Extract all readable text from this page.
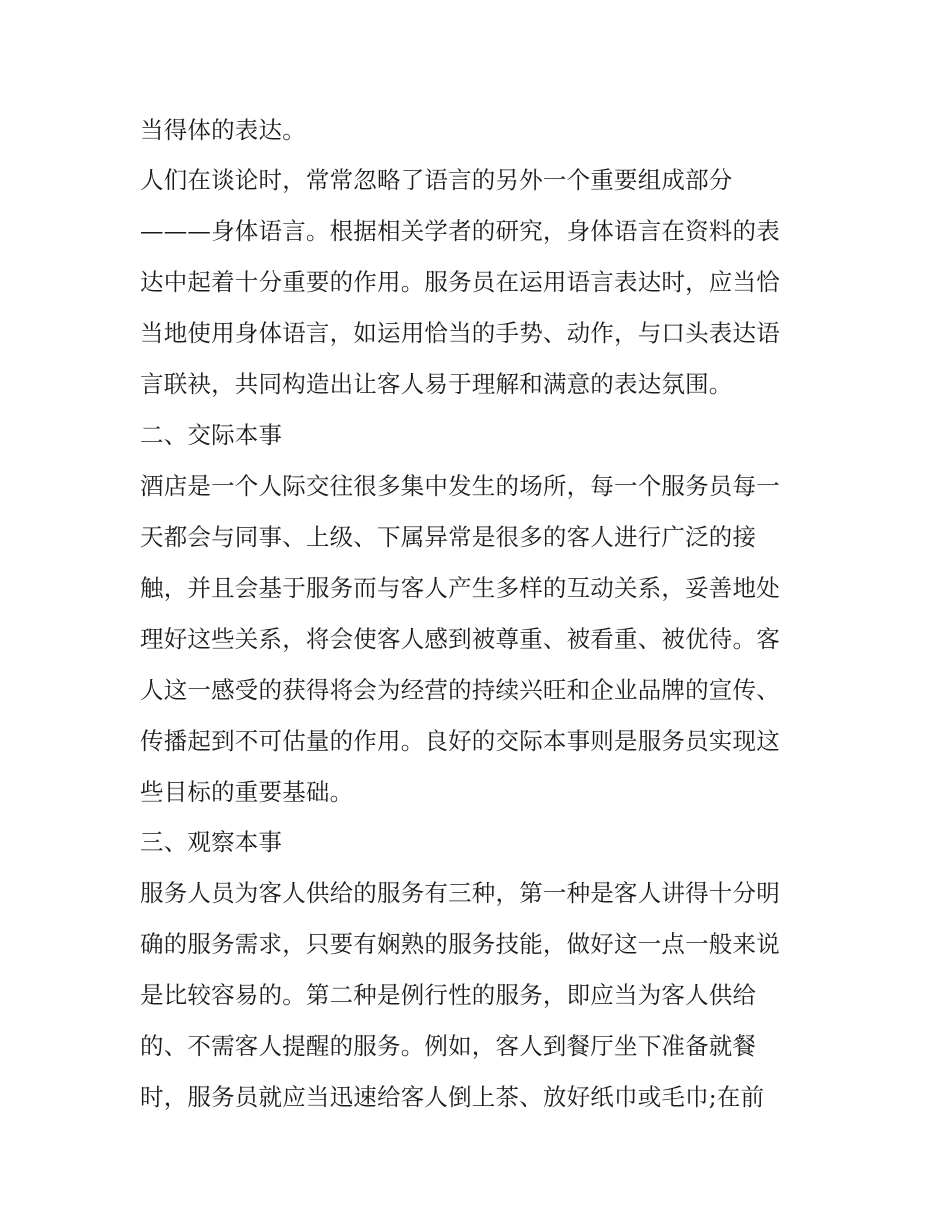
当得体的表达。
人们在谈论时，常常忽略了语言的另外一个重要组成部分
———身体语言。根据相关学者的研究，身体语言在资料的表
达中起着十分重要的作用。服务员在运用语言表达时，应当恰
当地使用身体语言，如运用恰当的手势、动作，与口头表达语
言联袂，共同构造出让客人易于理解和满意的表达氛围。
二、交际本事
酒店是一个人际交往很多集中发生的场所，每一个服务员每一
天都会与同事、上级、下属异常是很多的客人进行广泛的接
触，并且会基于服务而与客人产生多样的互动关系，妥善地处
理好这些关系，将会使客人感到被尊重、被看重、被优待。客
人这一感受的获得将会为经营的持续兴旺和企业品牌的宣传、
传播起到不可估量的作用。良好的交际本事则是服务员实现这
些目标的重要基础。
三、观察本事
服务人员为客人供给的服务有三种，第一种是客人讲得十分明
确的服务需求，只要有娴熟的服务技能，做好这一点一般来说
是比较容易的。第二种是例行性的服务，即应当为客人供给
的、不需客人提醒的服务。例如，客人到餐厅坐下准备就餐
时，服务员就应当迅速给客人倒上茶、放好纸巾或毛巾;在前
